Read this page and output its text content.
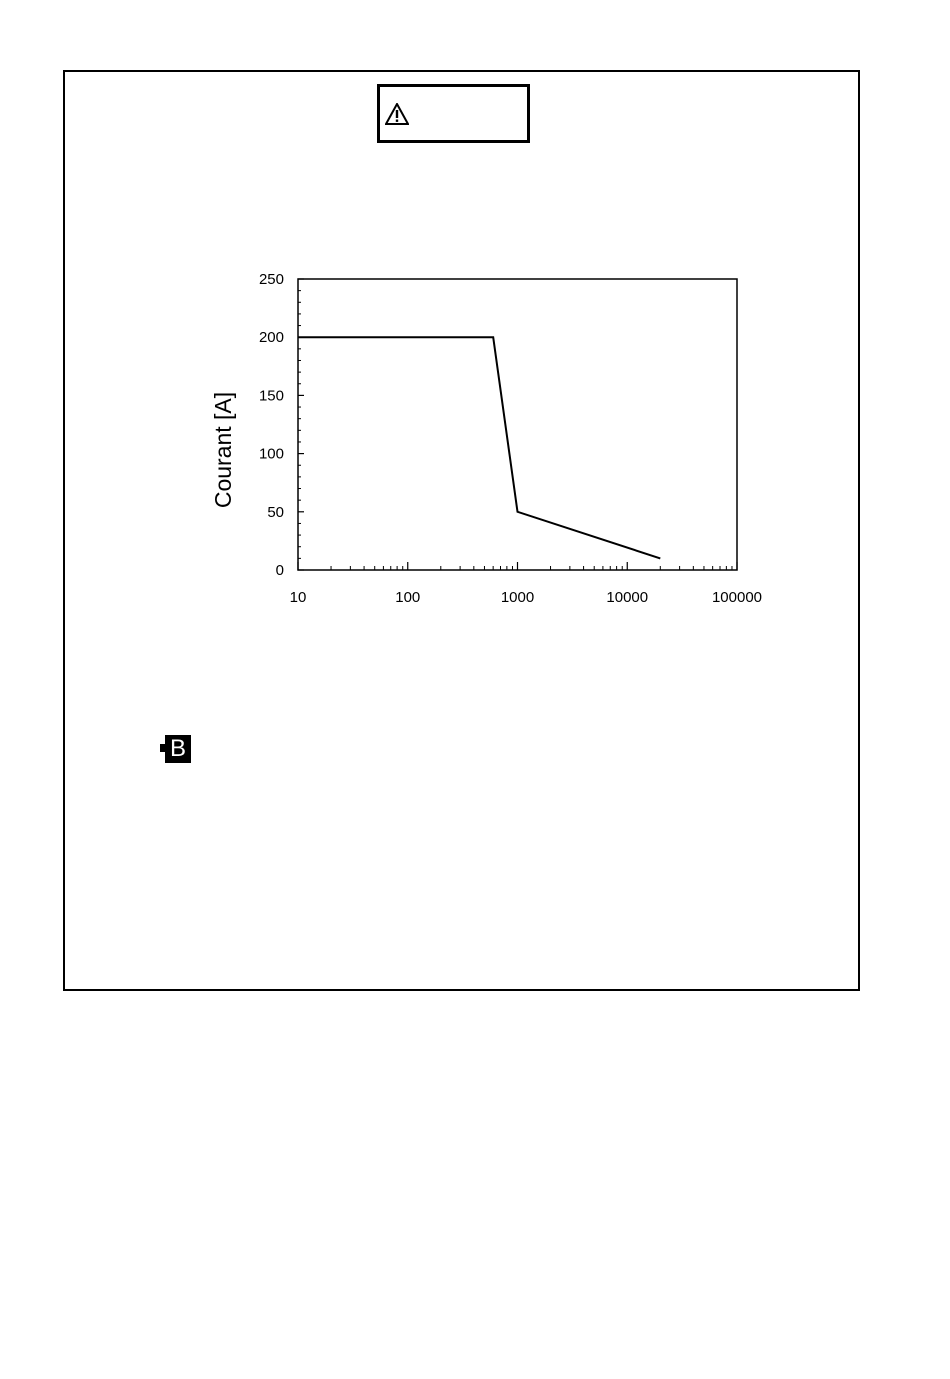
0
50
100
150
200
250
10	100	1000	10000	100000
Courant [A]
B
